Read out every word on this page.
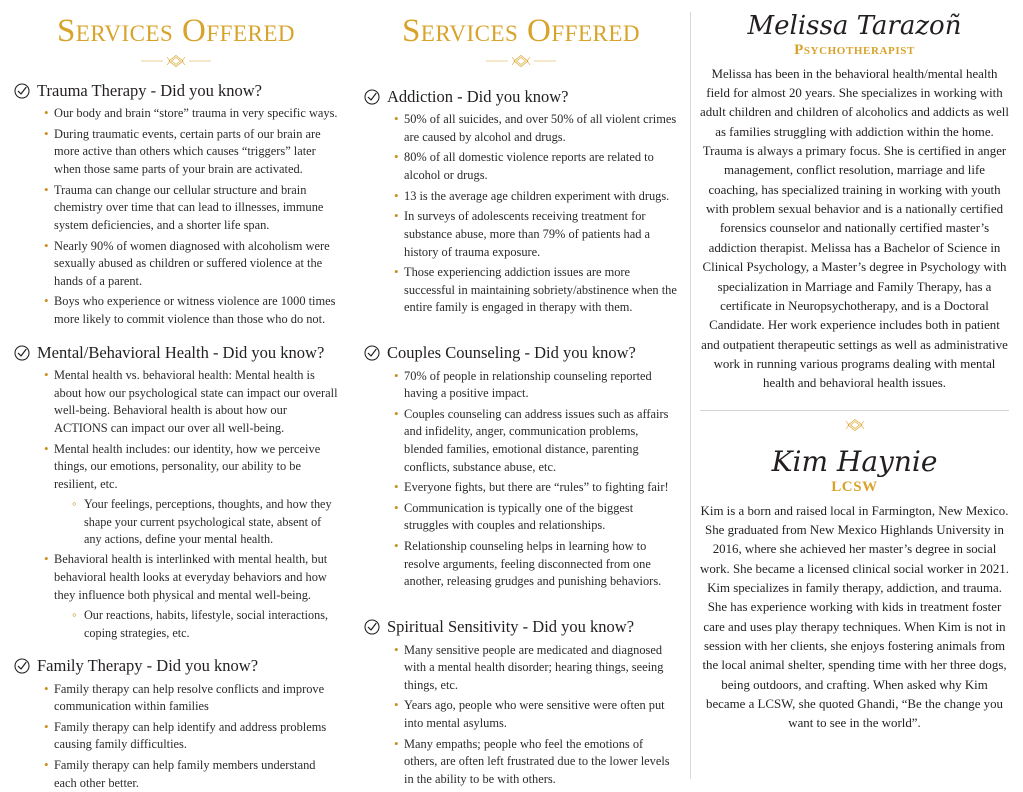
Services Offered
Trauma Therapy - Did you know?
• Our body and brain “store” trauma in very specific ways.
• During traumatic events, certain parts of our brain are more active than others which causes “triggers” later when those same parts of your brain are activated.
• Trauma can change our cellular structure and brain chemistry over time that can lead to illnesses, immune system deficiencies, and a shorter life span.
• Nearly 90% of women diagnosed with alcoholism were sexually abused as children or suffered violence at the hands of a parent.
• Boys who experience or witness violence are 1000 times more likely to commit violence than those who do not.
Mental/Behavioral Health - Did you know?
• Mental health vs. behavioral health: Mental health is about how our psychological state can impact our overall well-being. Behavioral health is about how our ACTIONS can impact our over all well-being.
• Mental health includes: our identity, how we perceive things, our emotions, personality, our ability to be resilient, etc.
◦ Your feelings, perceptions, thoughts, and how they shape your current psychological state, absent of any actions, define your mental health.
• Behavioral health is interlinked with mental health, but behavioral health looks at everyday behaviors and how they influence both physical and mental well-being.
◦ Our reactions, habits, lifestyle, social interactions, coping strategies, etc.
Family Therapy - Did you know?
• Family therapy can help resolve conflicts and improve communication within families
• Family therapy can help identify and address problems causing family difficulties.
• Family therapy can help family members understand each other better.
Services Offered
Addiction - Did you know?
• 50% of all suicides, and over 50% of all violent crimes are caused by alcohol and drugs.
• 80% of all domestic violence reports are related to alcohol or drugs.
• 13 is the average age children experiment with drugs.
• In surveys of adolescents receiving treatment for substance abuse, more than 79% of patients had a history of trauma exposure.
• Those experiencing addiction issues are more successful in maintaining sobriety/abstinence when the entire family is engaged in therapy with them.
Couples Counseling - Did you know?
• 70% of people in relationship counseling reported having a positive impact.
• Couples counseling can address issues such as affairs and infidelity, anger, communication problems, blended families, emotional distance, parenting conflicts, substance abuse, etc.
• Everyone fights, but there are “rules” to fighting fair!
• Communication is typically one of the biggest struggles with couples and relationships.
• Relationship counseling helps in learning how to resolve arguments, feeling disconnected from one another, releasing grudges and punishing behaviors.
Spiritual Sensitivity - Did you know?
• Many sensitive people are medicated and diagnosed with a mental health disorder; hearing things, seeing things, etc.
• Years ago, people who were sensitive were often put into mental asylums.
• Many empaths; people who feel the emotions of others, are often left frustrated due to the lower levels in the ability to be with others.
Melissa Tarazoñ
Psychotherapist

Melissa has been in the behavioral health/mental health field for almost 20 years. She specializes in working with adult children and children of alcoholics and addicts as well as families struggling with addiction within the home. Trauma is always a primary focus. She is certified in anger management, conflict resolution, marriage and life coaching, has specialized training in working with youth with problem sexual behavior and is a nationally certified forensics counselor and nationally certified master’s addiction therapist. Melissa has a Bachelor of Science in Clinical Psychology, a Master’s degree in Psychology with specialization in Marriage and Family Therapy, has a certificate in Neuropsychotherapy, and is a Doctoral Candidate. Her work experience includes both in patient and outpatient therapeutic settings as well as administrative work in running various programs dealing with mental health and behavioral health issues.

Kim Haynie
LCSW

Kim is a born and raised local in Farmington, New Mexico. She graduated from New Mexico Highlands University in 2016, where she achieved her master’s degree in social work. She became a licensed clinical social worker in 2021. Kim specializes in family therapy, addiction, and trauma. She has experience working with kids in treatment foster care and uses play therapy techniques. When Kim is not in session with her clients, she enjoys fostering animals from the local animal shelter, spending time with her three dogs, being outdoors, and crafting. When asked why Kim became a LCSW, she quoted Ghandi, “Be the change you want to see in the world”.
